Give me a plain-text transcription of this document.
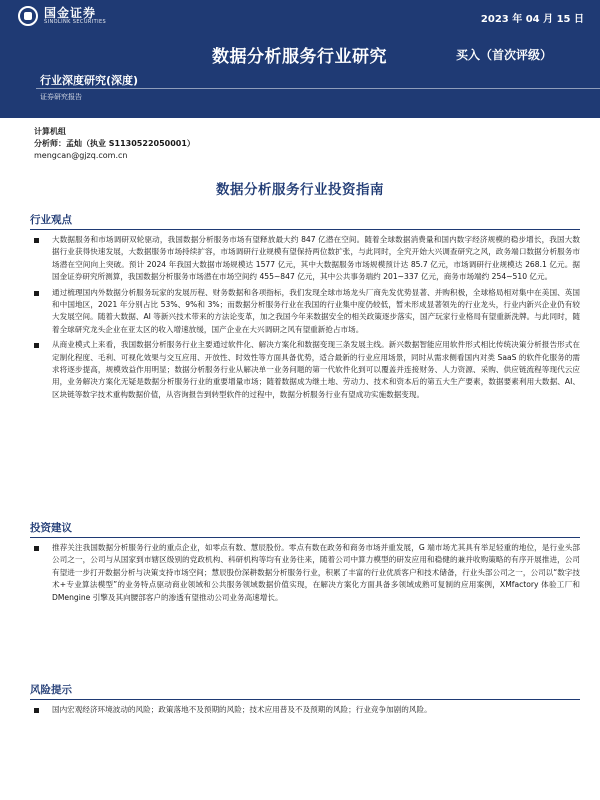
国金证券
SINOLINK SECURITIES	2023 年 04 月 15 日
数据分析服务行业研究	买入（首次评级）
行业深度研究(深度)
证券研究报告
计算机组
分析师：孟灿（执业 S1130522050001）
mengcan@gjzq.com.cn
数据分析服务行业投资指南
行业观点
大数据服务和市场调研双轮驱动，我国数据分析服务市场有望释放最大约 847 亿潜在空间。随着全球数据消费量和国内数字经济规模的稳步增长，我国大数据行业获得快速发展，大数据服务市场持续扩容，市场调研行业规模有望保持两位数扩张，与此同时，全究开始大兴调查研究之风，政务端口数据分析服务市场潜在空间向上突破。预计 2024 年我国大数据市场规模达 1577 亿元，其中大数据服务市场规模预计达 85.7 亿元，市场调研行业规模达 268.1 亿元。据国金证券研究所测算，我国数据分析服务市场潜在市场空间约 455~847 亿元，其中公共事务端约 201~337 亿元，商务市场端约 254~510 亿元。
通过梳理国内外数据分析服务玩家的发展历程、财务数据和各项指标，我们发现全球市场龙头厂商先发优势显著、并购积极，全球格局相对集中在美国、英国和中国地区，2021 年分别占比 53%、9%和 3%；而数据分析服务行业在我国的行业集中度仍较低，暂未形成显著领先的行业龙头，行业内新兴企业仍有较大发展空间。随着大数据、AI 等新兴技术带来的方法论变革，加之我国今年来数据安全的相关政策逐步落实，国产玩家行业格局有望重新洗牌。与此同时，随着全球研究龙头企业在亚太区的收入增速放缓，国产企业在大兴调研之风有望重新抢占市场。
从商业模式上来看，我国数据分析服务行业主要通过软件化、解决方案化和数据变现三条发展主线。新兴数据智能应用软件形式相比传统决策分析报告形式在定制化程度、毛利、可视化效果与交互应用、开放性、时效性等方面具备优势，适合最新的行业应用场景，同时从需求侧看国内对类 SaaS 的软件化服务的需求将逐步提高，规模效益作用明显；数据分析服务行业从解决单一业务问题的第一代软件化到可以覆盖并连接财务、人力资源、采购、供应链流程等现代云应用，业务解决方案化无疑是数据分析服务行业的重要增量市场；随着数据成为继土地、劳动力、技术和资本后的第五大生产要素，数据要素利用大数据、AI、区块链等数字技术重构数据价值，从咨询报告到转型软件的过程中，数据分析服务行业有望成功实施数据变现。
投资建议
推荐关注我国数据分析服务行业的重点企业，如零点有数、慧辰股份。零点有数在政务和商务市场并重发展，G 端市场尤其具有举足轻重的地位，是行业头部公司之一，公司与从国家到市辖区级别的党政机构、科研机构等均有业务往来，随着公司中算力模型的研发应用和稳健的兼并收购策略的有序开展推进，公司有望进一步打开数据分析与决策支持市场空间；慧辰股份深耕数据分析服务行业，积累了丰富的行业优质客户和技术储备，行业头部公司之一，公司以“数字技术+专业算法模型”的业务特点驱动商业领域和公共服务领域数据价值实现，在解决方案化方面具备多领域成熟可复制的应用案例，XMfactory 体验工厂和 DMengine 引擎及其向腰部客户的渗透有望推动公司业务高速增长。
风险提示
国内宏观经济环境波动的风险；政策落地不及预期的风险；技术应用普及不及预期的风险；行业竞争加剧的风险。
